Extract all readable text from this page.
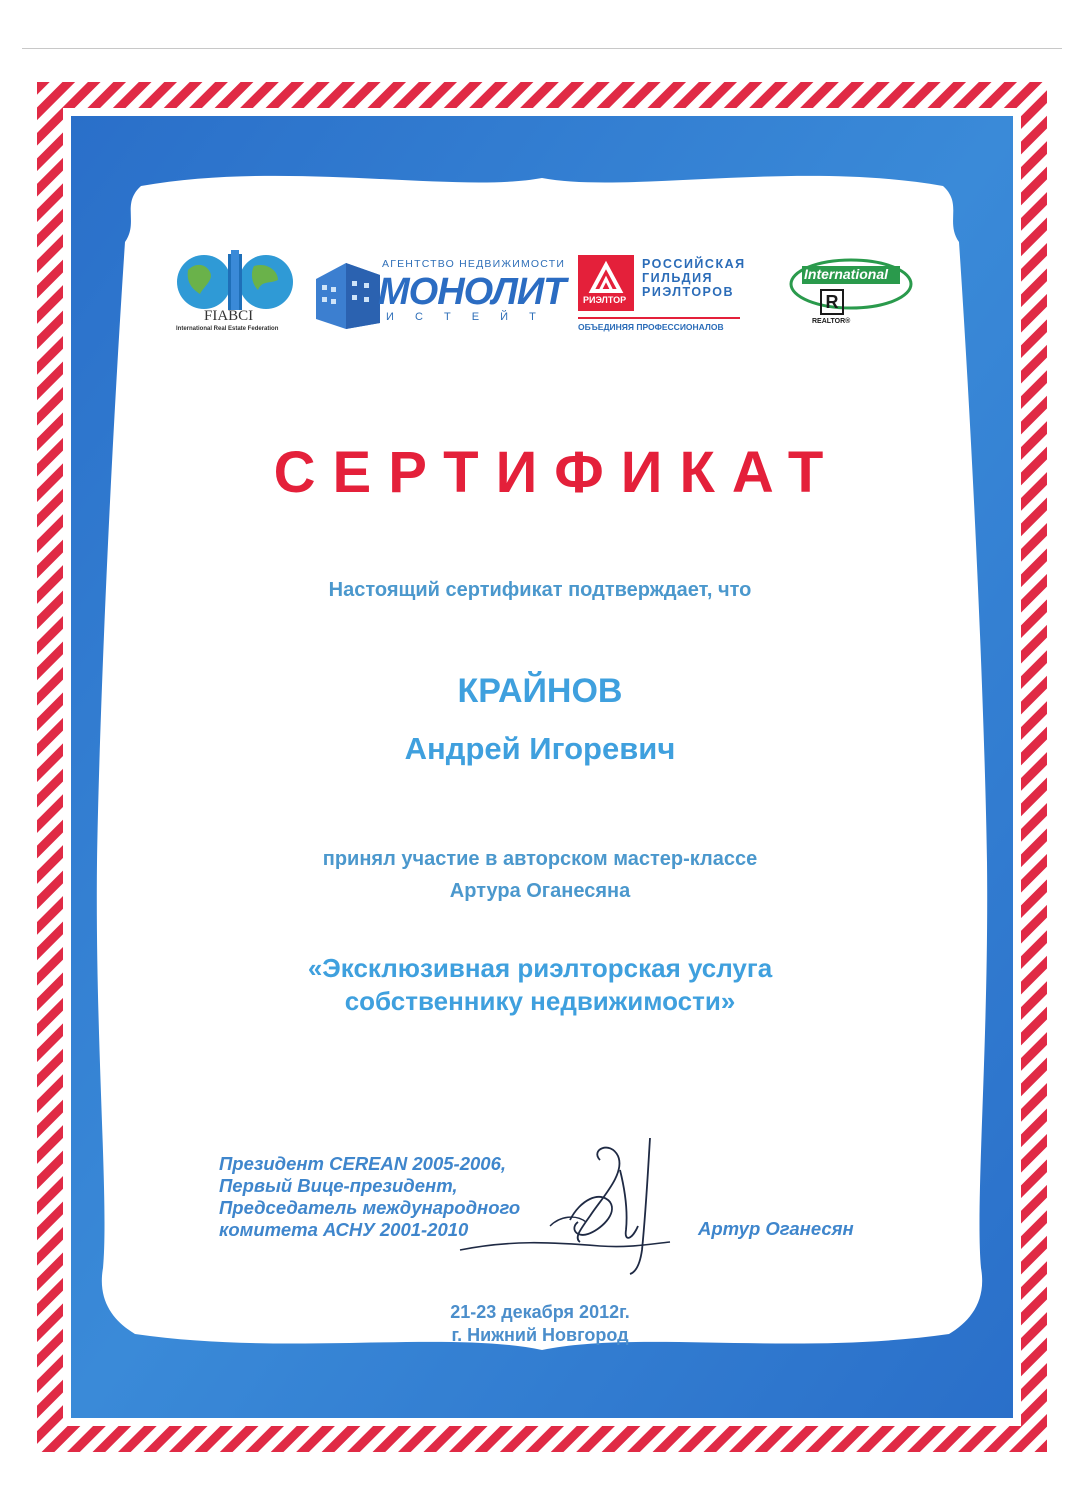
FIABCI
International Real Estate Federation
АГЕНТСТВО НЕДВИЖИМОСТИ
МОНОЛИТ
И С Т Е Й Т
РИЭЛТОР
РОССИЙСКАЯ
ГИЛЬДИЯ
РИЭЛТОРОВ
ОБЪЕДИНЯЯ ПРОФЕССИОНАЛОВ
International
R
REALTOR®
СЕРТИФИКАТ
Настоящий сертификат подтверждает, что
КРАЙНОВ
Андрей Игоревич
принял участие в авторском мастер-классе
Артура Оганесяна
«Эксклюзивная риэлторская услуга
собственнику недвижимости»
Президент CEREAN 2005-2006,
Первый Вице-президент,
Председатель международного
комитета АСНУ 2001-2010	Артур Оганесян
21-23 декабря 2012г.
г. Нижний Новгород
